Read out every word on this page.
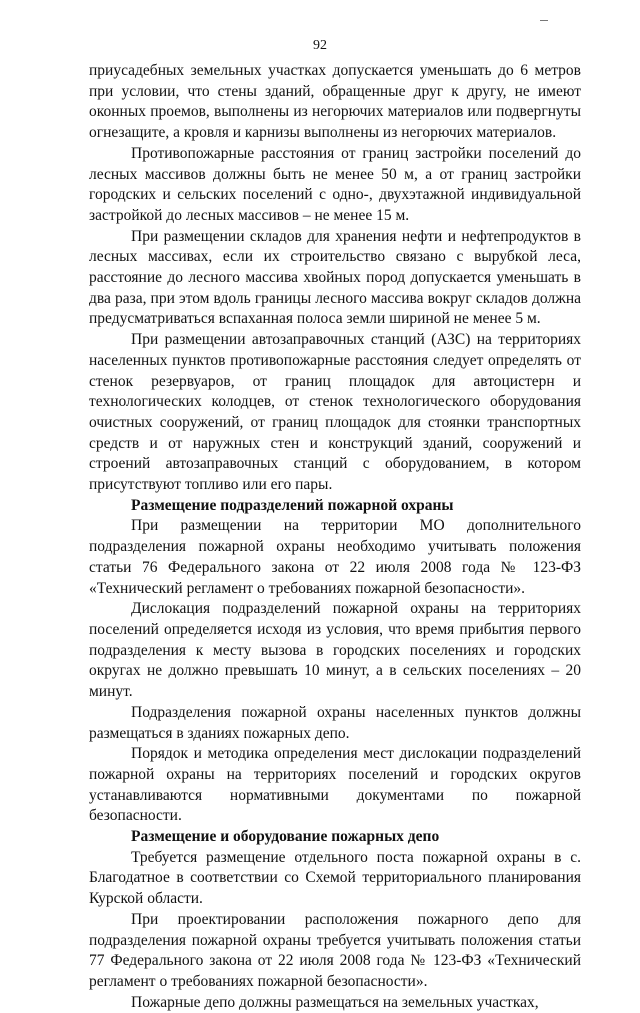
92

приусадебных земельных участках допускается уменьшать до 6 метров при условии, что стены зданий, обращенные друг к другу, не имеют оконных проемов, выполнены из негорючих материалов или подвергнуты огнезащите, а кровля и карнизы выполнены из негорючих материалов.

Противопожарные расстояния от границ застройки поселений до лесных массивов должны быть не менее 50 м, а от границ застройки городских и сельских поселений с одно-, двухэтажной индивидуальной застройкой до лесных массивов – не менее 15 м.

При размещении складов для хранения нефти и нефтепродуктов в лесных массивах, если их строительство связано с вырубкой леса, расстояние до лесного массива хвойных пород допускается уменьшать в два раза, при этом вдоль границы лесного массива вокруг складов должна предусматриваться вспаханная полоса земли шириной не менее 5 м.

При размещении автозаправочных станций (АЗС) на территориях населенных пунктов противопожарные расстояния следует определять от стенок резервуаров, от границ площадок для автоцистерн и технологических колодцев, от стенок технологического оборудования очистных сооружений, от границ площадок для стоянки транспортных средств и от наружных стен и конструкций зданий, сооружений и строений автозаправочных станций с оборудованием, в котором присутствуют топливо или его пары.

Размещение подразделений пожарной охраны

При размещении на территории МО дополнительного подразделения пожарной охраны необходимо учитывать положения статьи 76 Федерального закона от 22 июля 2008 года № 123-ФЗ «Технический регламент о требованиях пожарной безопасности».

Дислокация подразделений пожарной охраны на территориях поселений определяется исходя из условия, что время прибытия первого подразделения к месту вызова в городских поселениях и городских округах не должно превышать 10 минут, а в сельских поселениях – 20 минут.

Подразделения пожарной охраны населенных пунктов должны размещаться в зданиях пожарных депо.

Порядок и методика определения мест дислокации подразделений пожарной охраны на территориях поселений и городских округов устанавливаются нормативными документами по пожарной безопасности.

Размещение и оборудование пожарных депо

Требуется размещение отдельного поста пожарной охраны в с. Благодатное в соответствии со Схемой территориального планирования Курской области.

При проектировании расположения пожарного депо для подразделения пожарной охраны требуется учитывать положения статьи 77 Федерального закона от 22 июля 2008 года № 123-ФЗ «Технический регламент о требованиях пожарной безопасности».

Пожарные депо должны размещаться на земельных участках,
